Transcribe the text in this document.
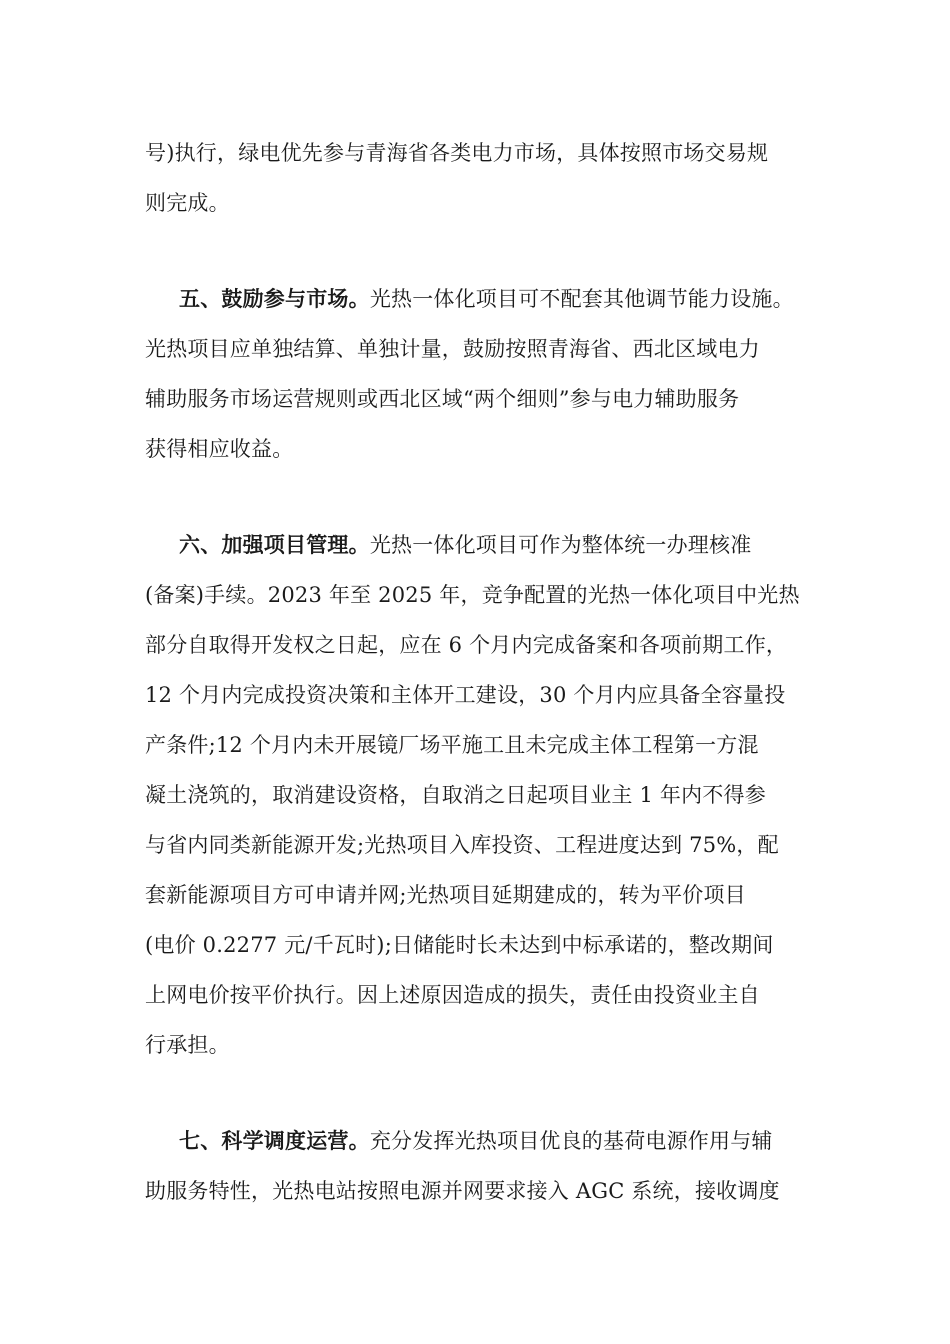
号)执行，绿电优先参与青海省各类电力市场，具体按照市场交易规
则完成。
五、鼓励参与市场。光热一体化项目可不配套其他调节能力设施。
光热项目应单独结算、单独计量，鼓励按照青海省、西北区域电力
辅助服务市场运营规则或西北区域“两个细则”参与电力辅助服务
获得相应收益。
六、加强项目管理。光热一体化项目可作为整体统一办理核准
(备案)手续。2023 年至 2025 年，竞争配置的光热一体化项目中光热
部分自取得开发权之日起，应在 6 个月内完成备案和各项前期工作，
12 个月内完成投资决策和主体开工建设，30 个月内应具备全容量投
产条件;12 个月内未开展镜厂场平施工且未完成主体工程第一方混
凝土浇筑的，取消建设资格，自取消之日起项目业主 1 年内不得参
与省内同类新能源开发;光热项目入库投资、工程进度达到 75%，配
套新能源项目方可申请并网;光热项目延期建成的，转为平价项目
(电价 0.2277 元/千瓦时);日储能时长未达到中标承诺的，整改期间
上网电价按平价执行。因上述原因造成的损失，责任由投资业主自
行承担。
七、科学调度运营。充分发挥光热项目优良的基荷电源作用与辅
助服务特性，光热电站按照电源并网要求接入 AGC 系统，接收调度
